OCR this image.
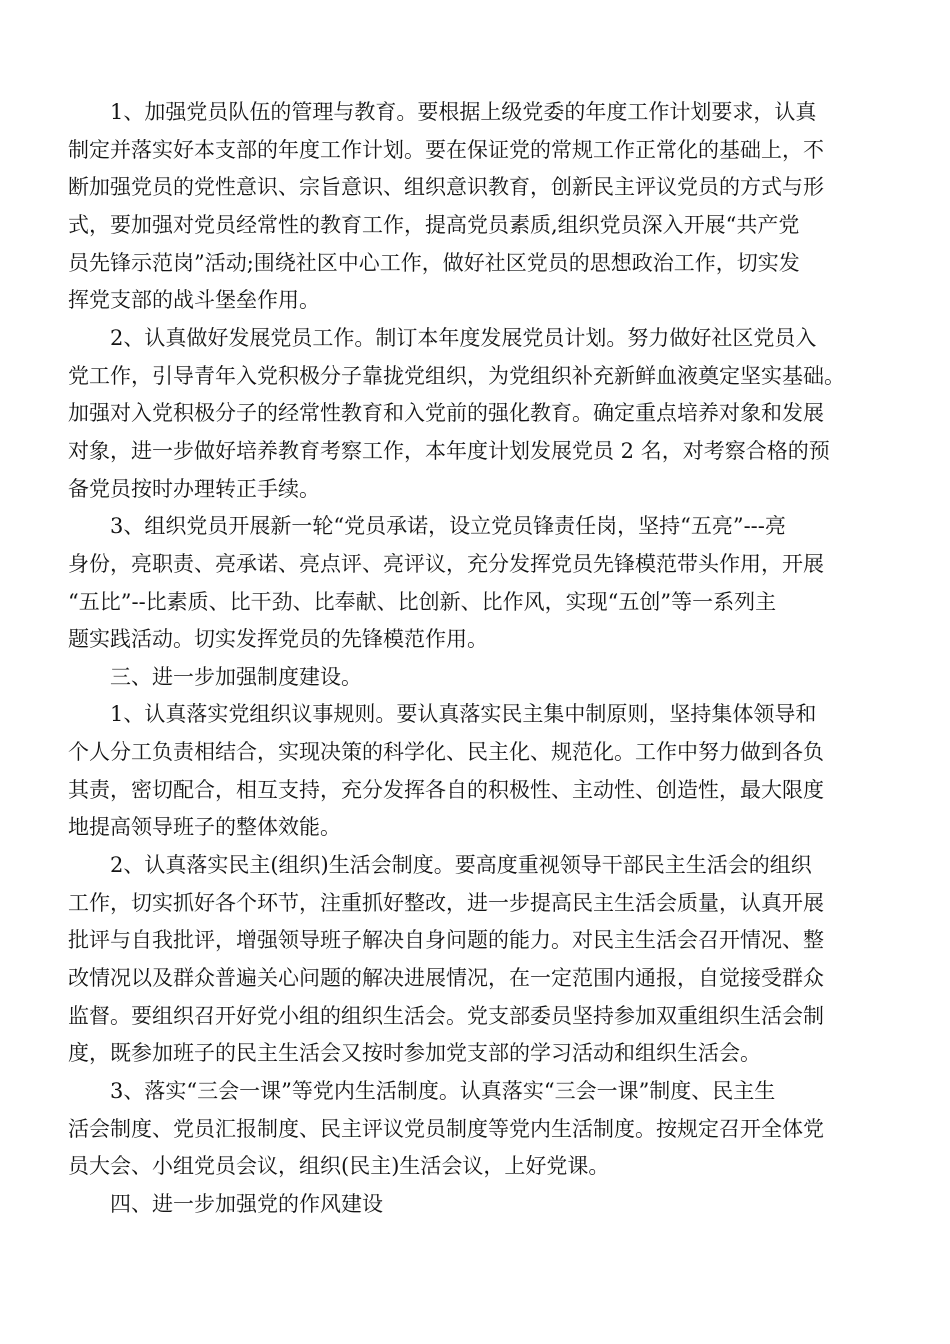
1、加强党员队伍的管理与教育。要根据上级党委的年度工作计划要求，认真

制定并落实好本支部的年度工作计划。要在保证党的常规工作正常化的基础上，不

断加强党员的党性意识、宗旨意识、组织意识教育，创新民主评议党员的方式与形

式，要加强对党员经常性的教育工作，提高党员素质,组织党员深入开展“共产党

员先锋示范岗”活动;围绕社区中心工作，做好社区党员的思想政治工作，切实发

挥党支部的战斗堡垒作用。

2、认真做好发展党员工作。制订本年度发展党员计划。努力做好社区党员入

党工作，引导青年入党积极分子靠拢党组织，为党组织补充新鲜血液奠定坚实基础。

加强对入党积极分子的经常性教育和入党前的强化教育。确定重点培养对象和发展

对象，进一步做好培养教育考察工作，本年度计划发展党员 2 名，对考察合格的预

备党员按时办理转正手续。

3、组织党员开展新一轮“党员承诺，设立党员锋责任岗，坚持“五亮”---亮

身份，亮职责、亮承诺、亮点评、亮评议，充分发挥党员先锋模范带头作用，开展

“五比”--比素质、比干劲、比奉献、比创新、比作风，实现“五创”等一系列主

题实践活动。切实发挥党员的先锋模范作用。

三、进一步加强制度建设。

1、认真落实党组织议事规则。要认真落实民主集中制原则，坚持集体领导和

个人分工负责相结合，实现决策的科学化、民主化、规范化。工作中努力做到各负

其责，密切配合，相互支持，充分发挥各自的积极性、主动性、创造性，最大限度

地提高领导班子的整体效能。

2、认真落实民主(组织)生活会制度。要高度重视领导干部民主生活会的组织

工作，切实抓好各个环节，注重抓好整改，进一步提高民主生活会质量，认真开展

批评与自我批评，增强领导班子解决自身问题的能力。对民主生活会召开情况、整

改情况以及群众普遍关心问题的解决进展情况，在一定范围内通报，自觉接受群众

监督。要组织召开好党小组的组织生活会。党支部委员坚持参加双重组织生活会制

度，既参加班子的民主生活会又按时参加党支部的学习活动和组织生活会。

3、落实“三会一课”等党内生活制度。认真落实“三会一课”制度、民主生

活会制度、党员汇报制度、民主评议党员制度等党内生活制度。按规定召开全体党

员大会、小组党员会议，组织(民主)生活会议，上好党课。

四、进一步加强党的作风建设
